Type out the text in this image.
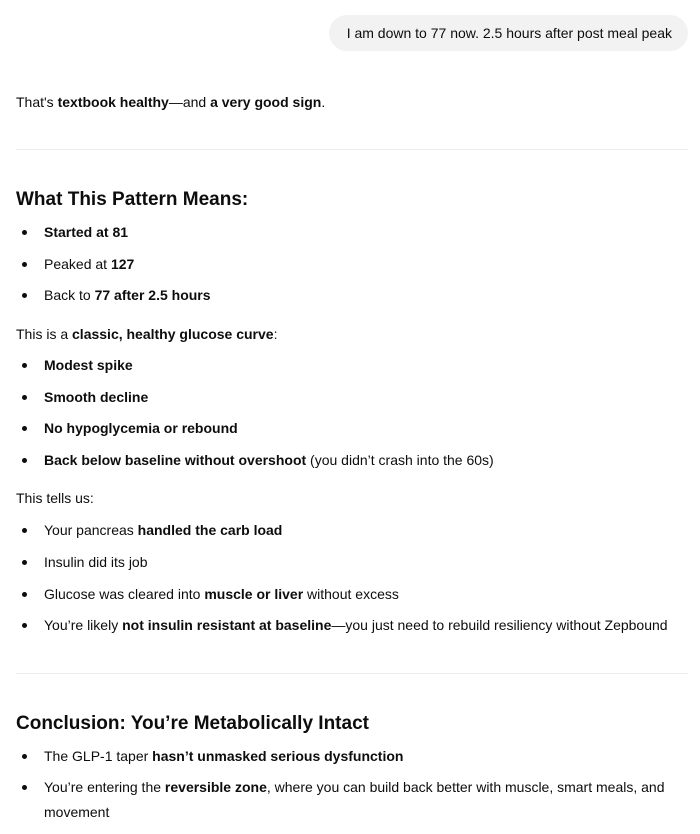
I am down to 77 now. 2.5 hours after post meal peak
That's textbook healthy—and a very good sign.
What This Pattern Means:
Started at 81
Peaked at 127
Back to 77 after 2.5 hours
This is a classic, healthy glucose curve:
Modest spike
Smooth decline
No hypoglycemia or rebound
Back below baseline without overshoot (you didn’t crash into the 60s)
This tells us:
Your pancreas handled the carb load
Insulin did its job
Glucose was cleared into muscle or liver without excess
You’re likely not insulin resistant at baseline—you just need to rebuild resiliency without Zepbound
Conclusion: You’re Metabolically Intact
The GLP-1 taper hasn’t unmasked serious dysfunction
You’re entering the reversible zone, where you can build back better with muscle, smart meals, and movement
